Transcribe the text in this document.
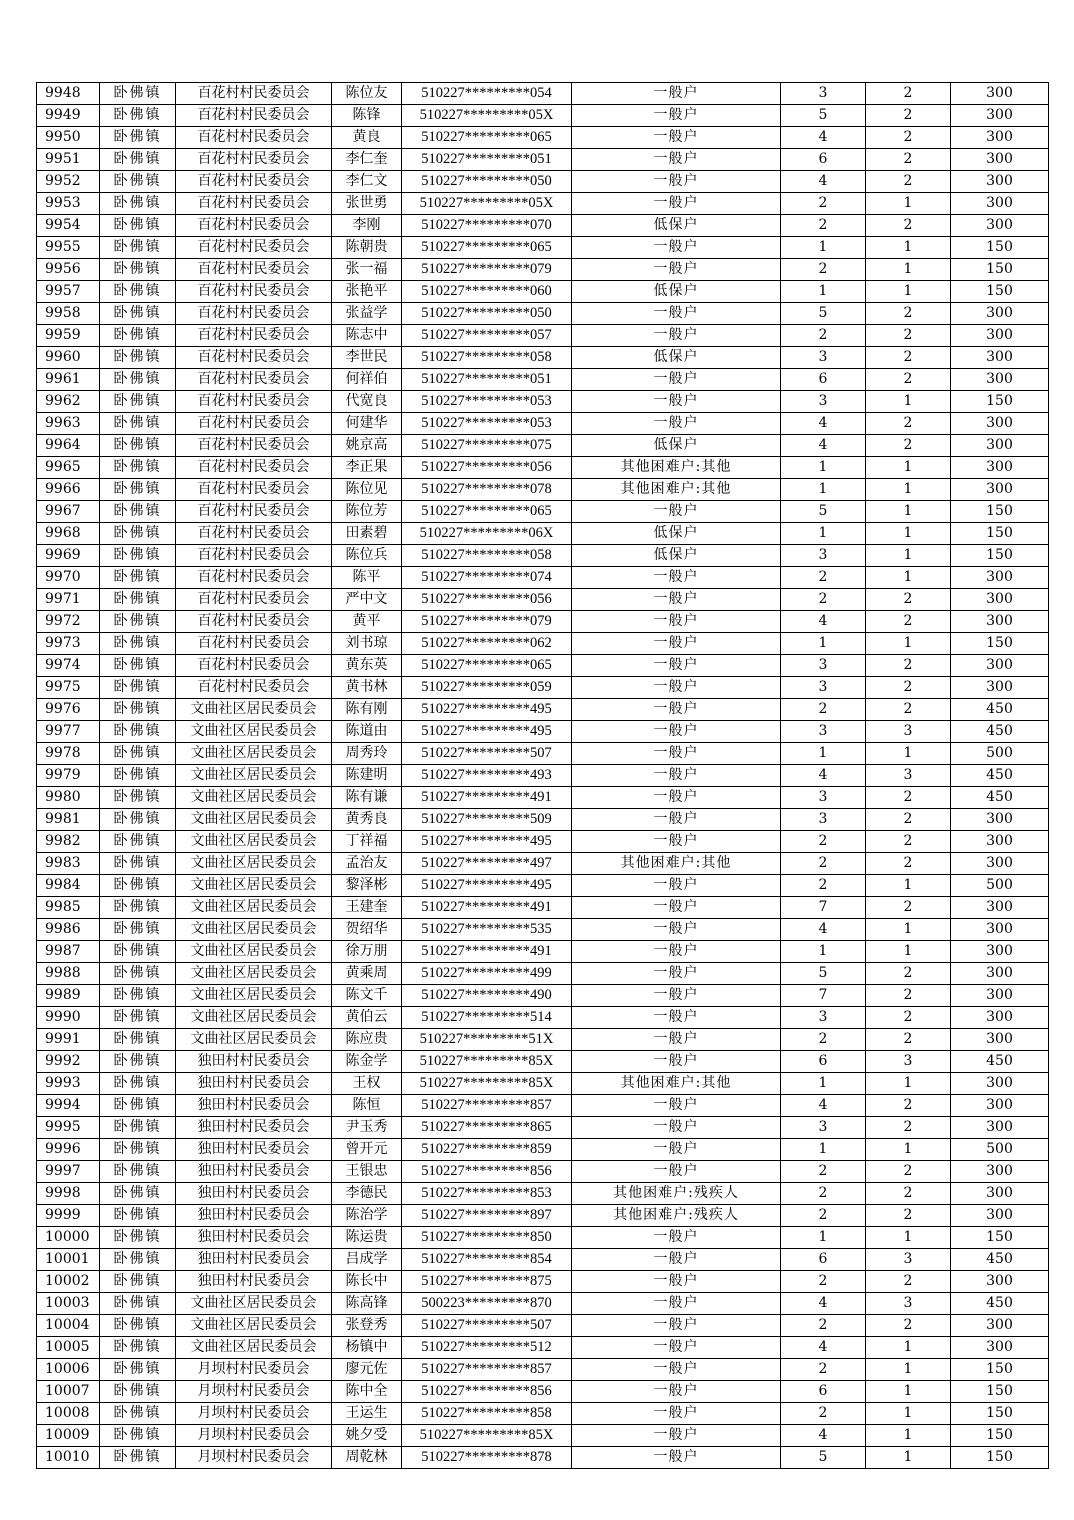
9948	卧佛镇	百花村村民委员会	陈位友	510227*********054	一般户	3	2	300
9949	卧佛镇	百花村村民委员会	陈锋	510227*********05X	一般户	5	2	300
9950	卧佛镇	百花村村民委员会	黄良	510227*********065	一般户	4	2	300
9951	卧佛镇	百花村村民委员会	李仁奎	510227*********051	一般户	6	2	300
9952	卧佛镇	百花村村民委员会	李仁文	510227*********050	一般户	4	2	300
9953	卧佛镇	百花村村民委员会	张世勇	510227*********05X	一般户	2	1	300
9954	卧佛镇	百花村村民委员会	李刚	510227*********070	低保户	2	2	300
9955	卧佛镇	百花村村民委员会	陈朝贵	510227*********065	一般户	1	1	150
9956	卧佛镇	百花村村民委员会	张一福	510227*********079	一般户	2	1	150
9957	卧佛镇	百花村村民委员会	张艳平	510227*********060	低保户	1	1	150
9958	卧佛镇	百花村村民委员会	张益学	510227*********050	一般户	5	2	300
9959	卧佛镇	百花村村民委员会	陈志中	510227*********057	一般户	2	2	300
9960	卧佛镇	百花村村民委员会	李世民	510227*********058	低保户	3	2	300
9961	卧佛镇	百花村村民委员会	何祥伯	510227*********051	一般户	6	2	300
9962	卧佛镇	百花村村民委员会	代宽良	510227*********053	一般户	3	1	150
9963	卧佛镇	百花村村民委员会	何建华	510227*********053	一般户	4	2	300
9964	卧佛镇	百花村村民委员会	姚京高	510227*********075	低保户	4	2	300
9965	卧佛镇	百花村村民委员会	李正果	510227*********056	其他困难户:其他	1	1	300
9966	卧佛镇	百花村村民委员会	陈位见	510227*********078	其他困难户:其他	1	1	300
9967	卧佛镇	百花村村民委员会	陈位芳	510227*********065	一般户	5	1	150
9968	卧佛镇	百花村村民委员会	田素碧	510227*********06X	低保户	1	1	150
9969	卧佛镇	百花村村民委员会	陈位兵	510227*********058	低保户	3	1	150
9970	卧佛镇	百花村村民委员会	陈平	510227*********074	一般户	2	1	300
9971	卧佛镇	百花村村民委员会	严中文	510227*********056	一般户	2	2	300
9972	卧佛镇	百花村村民委员会	黄平	510227*********079	一般户	4	2	300
9973	卧佛镇	百花村村民委员会	刘书琼	510227*********062	一般户	1	1	150
9974	卧佛镇	百花村村民委员会	黄东英	510227*********065	一般户	3	2	300
9975	卧佛镇	百花村村民委员会	黄书林	510227*********059	一般户	3	2	300
9976	卧佛镇	文曲社区居民委员会	陈有刚	510227*********495	一般户	2	2	450
9977	卧佛镇	文曲社区居民委员会	陈道由	510227*********495	一般户	3	3	450
9978	卧佛镇	文曲社区居民委员会	周秀玲	510227*********507	一般户	1	1	500
9979	卧佛镇	文曲社区居民委员会	陈建明	510227*********493	一般户	4	3	450
9980	卧佛镇	文曲社区居民委员会	陈有谦	510227*********491	一般户	3	2	450
9981	卧佛镇	文曲社区居民委员会	黄秀良	510227*********509	一般户	3	2	300
9982	卧佛镇	文曲社区居民委员会	丁祥福	510227*********495	一般户	2	2	300
9983	卧佛镇	文曲社区居民委员会	孟治友	510227*********497	其他困难户:其他	2	2	300
9984	卧佛镇	文曲社区居民委员会	黎泽彬	510227*********495	一般户	2	1	500
9985	卧佛镇	文曲社区居民委员会	王建奎	510227*********491	一般户	7	2	300
9986	卧佛镇	文曲社区居民委员会	贺绍华	510227*********535	一般户	4	1	300
9987	卧佛镇	文曲社区居民委员会	徐万朋	510227*********491	一般户	1	1	300
9988	卧佛镇	文曲社区居民委员会	黄乘周	510227*********499	一般户	5	2	300
9989	卧佛镇	文曲社区居民委员会	陈文千	510227*********490	一般户	7	2	300
9990	卧佛镇	文曲社区居民委员会	黄伯云	510227*********514	一般户	3	2	300
9991	卧佛镇	文曲社区居民委员会	陈应贵	510227*********51X	一般户	2	2	300
9992	卧佛镇	独田村村民委员会	陈金学	510227*********85X	一般户	6	3	450
9993	卧佛镇	独田村村民委员会	王权	510227*********85X	其他困难户:其他	1	1	300
9994	卧佛镇	独田村村民委员会	陈恒	510227*********857	一般户	4	2	300
9995	卧佛镇	独田村村民委员会	尹玉秀	510227*********865	一般户	3	2	300
9996	卧佛镇	独田村村民委员会	曾开元	510227*********859	一般户	1	1	500
9997	卧佛镇	独田村村民委员会	王银忠	510227*********856	一般户	2	2	300
9998	卧佛镇	独田村村民委员会	李德民	510227*********853	其他困难户:残疾人	2	2	300
9999	卧佛镇	独田村村民委员会	陈治学	510227*********897	其他困难户:残疾人	2	2	300
10000	卧佛镇	独田村村民委员会	陈运贵	510227*********850	一般户	1	1	150
10001	卧佛镇	独田村村民委员会	吕成学	510227*********854	一般户	6	3	450
10002	卧佛镇	独田村村民委员会	陈长中	510227*********875	一般户	2	2	300
10003	卧佛镇	文曲社区居民委员会	陈高锋	500223*********870	一般户	4	3	450
10004	卧佛镇	文曲社区居民委员会	张登秀	510227*********507	一般户	2	2	300
10005	卧佛镇	文曲社区居民委员会	杨镇中	510227*********512	一般户	4	1	300
10006	卧佛镇	月坝村村民委员会	廖元佐	510227*********857	一般户	2	1	150
10007	卧佛镇	月坝村村民委员会	陈中全	510227*********856	一般户	6	1	150
10008	卧佛镇	月坝村村民委员会	王运生	510227*********858	一般户	2	1	150
10009	卧佛镇	月坝村村民委员会	姚夕受	510227*********85X	一般户	4	1	150
10010	卧佛镇	月坝村村民委员会	周乾林	510227*********878	一般户	5	1	150
